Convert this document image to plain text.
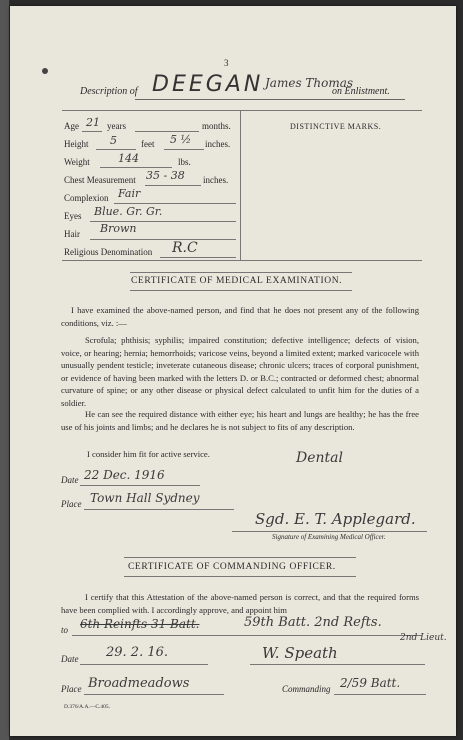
3
Description of DEEGAN James Thomas
on Enlistment.
DISTINCTIVE MARKS.
Age 21 years	months.
Height 5	feet 5 ½ inches.
Weight	144	lbs.
Chest Measurement 35 - 38 inches.
Complexion Fair
Eyes Blue. Gr. Gr.
Hair Brown
Religious Denomination R.C
CERTIFICATE OF MEDICAL EXAMINATION.
I have examined the above-named person, and find that he does not present any of the following conditions, viz. :—
Scrofula; phthisis; syphilis; impaired constitution; defective intelligence; defects of vision, voice, or hearing; hernia; hemorrhoids; varicose veins, beyond a limited extent; marked varicocele with unusually pendent testicle; inveterate cutaneous disease; chronic ulcers; traces of corporal punishment, or evidence of having been marked with the letters D. or B.C.; contracted or deformed chest; abnormal curvature of spine; or any other disease or physical defect calculated to unfit him for the duties of a soldier.
He can see the required distance with either eye; his heart and lungs are healthy; he has the free use of his joints and limbs; and he declares he is not subject to fits of any description.
I consider him fit for active service.	Dental
Date 22 Dec. 1916
Place Town Hall Sydney
Sgd. E. T. Applegard.
Signature of Examining Medical Officer.
CERTIFICATE OF COMMANDING OFFICER.
I certify that this Attestation of the above-named person is correct, and that the required forms have been complied with. I accordingly approve, and appoint him
to 6th Reinfts 31 Batt.	59th Batt. 2nd Refts.
2nd Lieut.
Date 29. 2. 16.	W. Speath
Place Broadmeadows	Commanding 2/59 Batt.
D.376/A.A.—C.405.
